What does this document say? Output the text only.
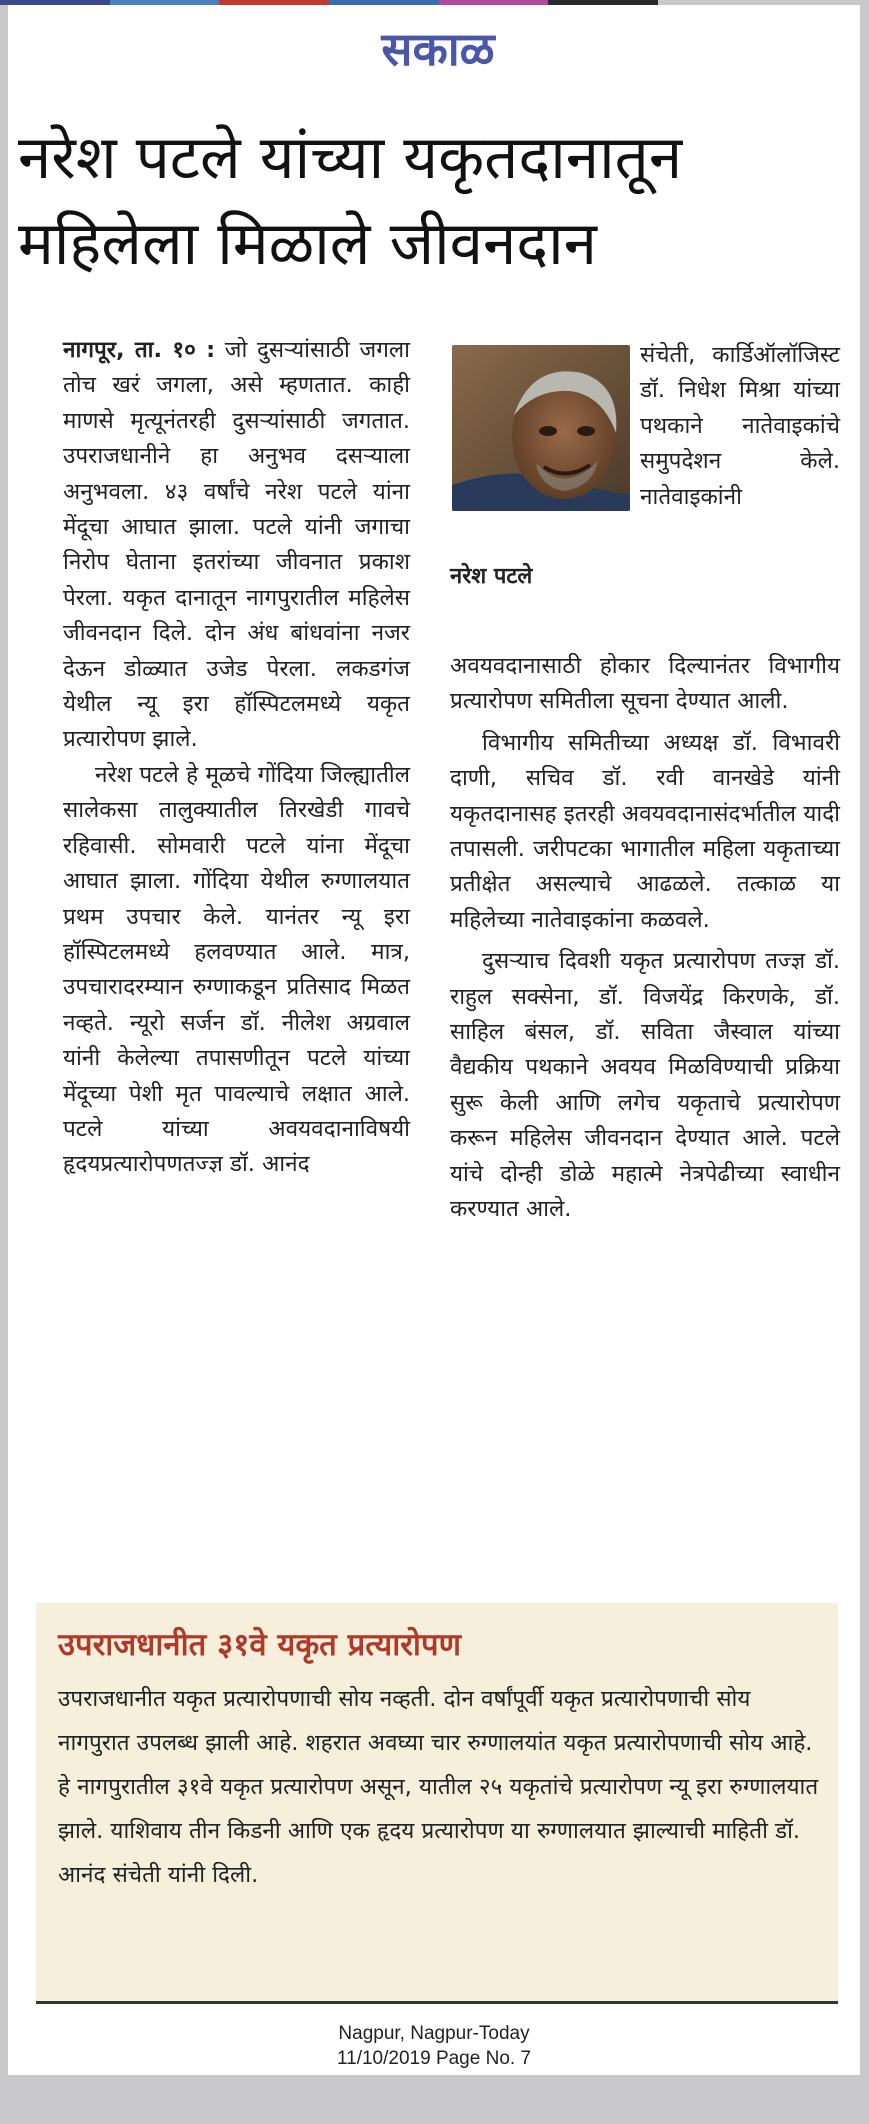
सकाळ
नरेश पटले यांच्या यकृतदानातून
महिलेला मिळाले जीवनदान

नागपूर, ता. १० : जो दुसऱ्यांसाठी जगला तोच खरं जगला, असे म्हणतात. काही माणसे मृत्यूनंतरही दुसऱ्यांसाठी जगतात. उपराजधानीने हा अनुभव दसऱ्याला अनुभवला. ४३ वर्षांचे नरेश पटले यांना मेंदूचा आघात झाला. पटले यांनी जगाचा निरोप घेताना इतरांच्या जीवनात प्रकाश पेरला. यकृत दानातून नागपुरातील महिलेस जीवनदान दिले. दोन अंध बांधवांना नजर देऊन डोळ्यात उजेड पेरला. लकडगंज येथील न्यू इरा हॉस्पिटलमध्ये यकृत प्रत्यारोपण झाले.

नरेश पटले हे मूळचे गोंदिया जिल्ह्यातील सालेकसा तालुक्यातील तिरखेडी गावचे रहिवासी. सोमवारी पटले यांना मेंदूचा आघात झाला. गोंदिया येथील रुग्णालयात प्रथम उपचार केले. यानंतर न्यू इरा हॉस्पिटलमध्ये हलवण्यात आले. मात्र, उपचारादरम्यान रुग्णाकडून प्रतिसाद मिळत नव्हते. न्यूरो सर्जन डॉ. नीलेश अग्रवाल यांनी केलेल्या तपासणीतून पटले यांच्या मेंदूच्या पेशी मृत पावल्याचे लक्षात आले. पटले यांच्या अवयवदानाविषयी हृदयप्रत्यारोपणतज्ज्ञ डॉ. आनंद

नरेश पटले

संचेती, कार्डिऑलॉजिस्ट डॉ. निधेश मिश्रा यांच्या पथकाने नातेवाइकांचे समुपदेशन केले. नातेवाइकांनी

अवयवदानासाठी होकार दिल्यानंतर विभागीय प्रत्यारोपण समितीला सूचना देण्यात आली.

विभागीय समितीच्या अध्यक्ष डॉ. विभावरी दाणी, सचिव डॉ. रवी वानखेडे यांनी यकृतदानासह इतरही अवयवदानासंदर्भातील यादी तपासली. जरीपटका भागातील महिला यकृताच्या प्रतीक्षेत असल्याचे आढळले. तत्काळ या महिलेच्या नातेवाइकांना कळवले.

दुसऱ्याच दिवशी यकृत प्रत्यारोपण तज्ज्ञ डॉ. राहुल सक्सेना, डॉ. विजयेंद्र किरणके, डॉ. साहिल बंसल, डॉ. सविता जैस्वाल यांच्या वैद्यकीय पथकाने अवयव मिळविण्याची प्रक्रिया सुरू केली आणि लगेच यकृताचे प्रत्यारोपण करून महिलेस जीवनदान देण्यात आले. पटले यांचे दोन्ही डोळे महात्मे नेत्रपेढीच्या स्वाधीन करण्यात आले.

उपराजधानीत ३१वे यकृत प्रत्यारोपण
उपराजधानीत यकृत प्रत्यारोपणाची सोय नव्हती. दोन वर्षांपूर्वी यकृत प्रत्यारोपणाची सोय नागपुरात उपलब्ध झाली आहे. शहरात अवघ्या चार रुग्णालयांत यकृत प्रत्यारोपणाची सोय आहे. हे नागपुरातील ३१वे यकृत प्रत्यारोपण असून, यातील २५ यकृतांचे प्रत्यारोपण न्यू इरा रुग्णालयात झाले. याशिवाय तीन किडनी आणि एक हृदय प्रत्यारोपण या रुग्णालयात झाल्याची माहिती डॉ. आनंद संचेती यांनी दिली.
Nagpur, Nagpur-Today
11/10/2019 Page No. 7
